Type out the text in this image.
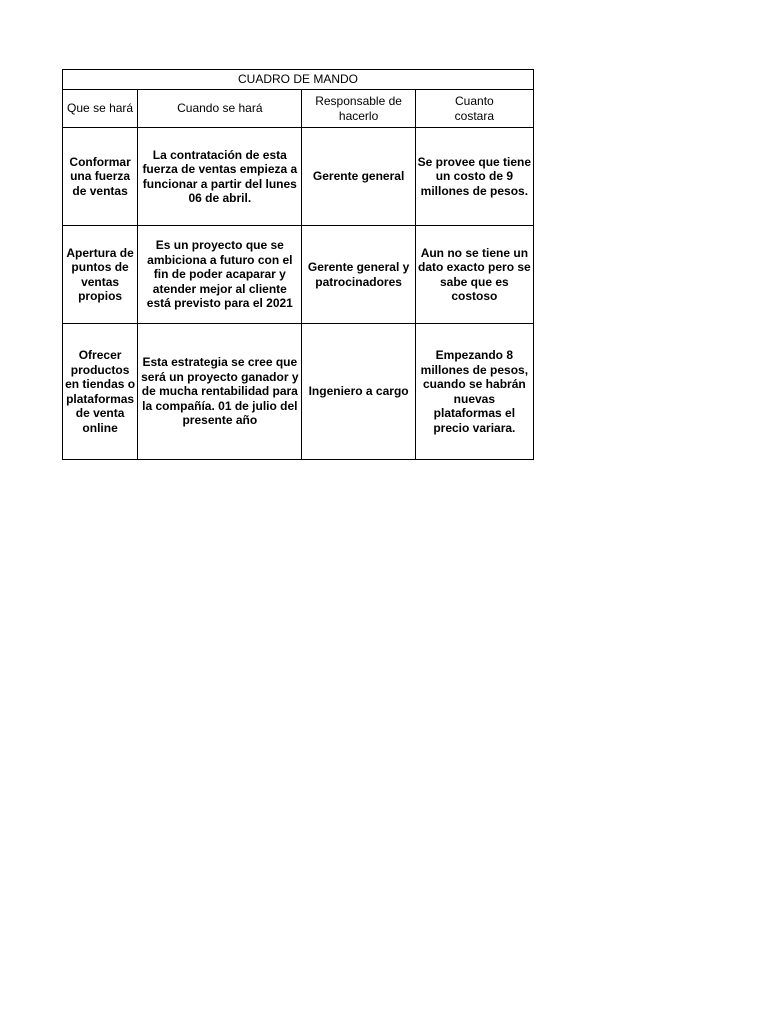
CUADRO DE MANDO			

Que se hará	Cuando se hará	Responsable de hacerlo	Cuanto costara

Conformar una fuerza de ventas	La contratación de esta fuerza de ventas empieza a funcionar a partir del lunes 06 de abril.	Gerente general	Se provee que tiene un costo de 9 millones de pesos.

Apertura de puntos de ventas propios	Es un proyecto que se ambiciona a futuro con el fin de poder acaparar y atender mejor al cliente está previsto para el 2021	Gerente general y patrocinadores	Aun no se tiene un dato exacto pero se sabe que es costoso

Ofrecer productos en tiendas o plataformas de venta online	Esta estrategia se cree que será un proyecto ganador y de mucha rentabilidad para la compañía. 01 de julio del presente año	Ingeniero a cargo	Empezando 8 millones de pesos, cuando se habrán nuevas plataformas el precio variara.
